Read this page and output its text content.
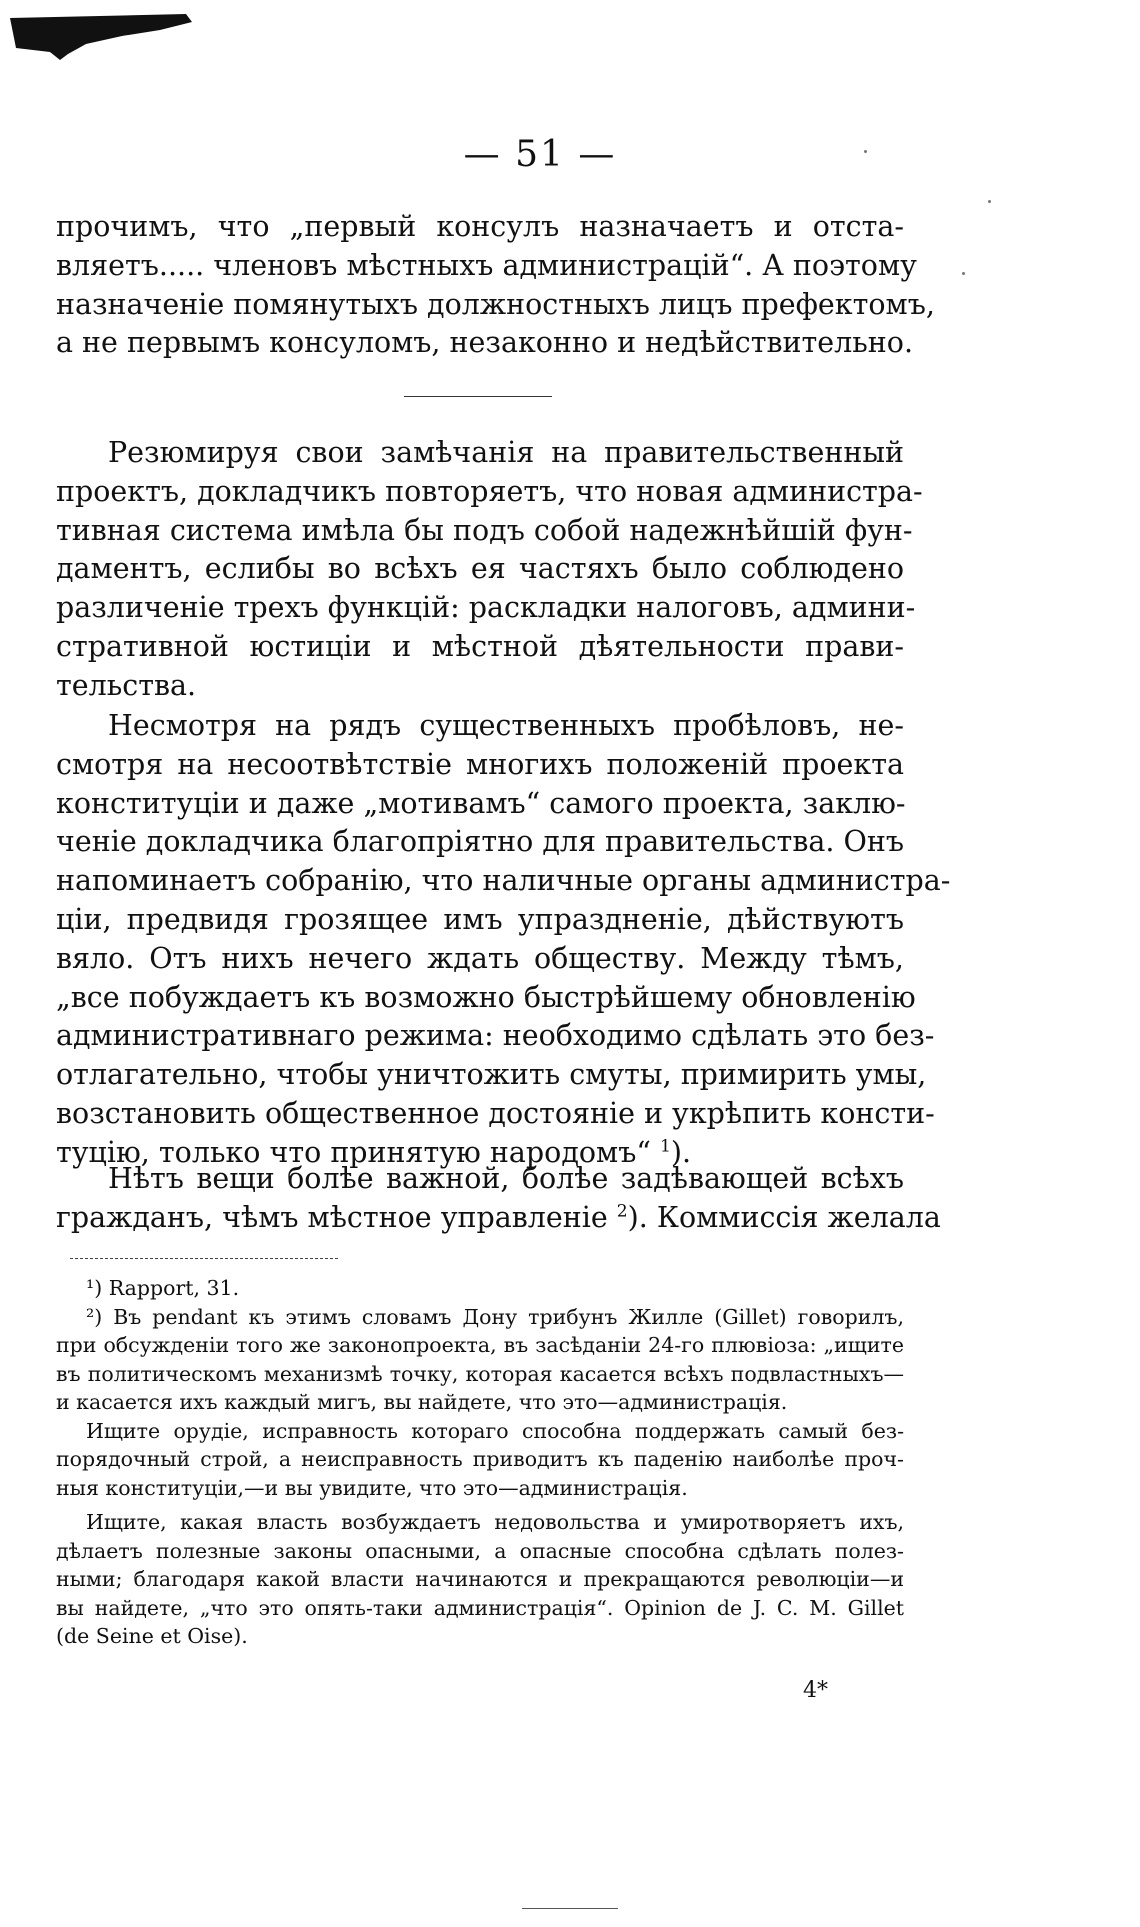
— 51 —
прочимъ, что „первый консулъ назначаетъ и отста-
вляетъ..... членовъ мѣстныхъ администрацій“. А поэтому
назначеніе помянутыхъ должностныхъ лицъ префектомъ,
а не первымъ консуломъ, незаконно и недѣйствительно.
Резюмируя свои замѣчанія на правительственный
проектъ, докладчикъ повторяетъ, что новая администра-
тивная система имѣла бы подъ собой надежнѣйшій фун-
даментъ, еслибы во всѣхъ ея частяхъ было соблюдено
различеніе трехъ функцій: раскладки налоговъ, админи-
стративной юстиціи и мѣстной дѣятельности прави-
тельства.
Несмотря на рядъ существенныхъ пробѣловъ, не-
смотря на несоотвѣтствіе многихъ положеній проекта
конституціи и даже „мотивамъ“ самого проекта, заклю-
ченіе докладчика благопріятно для правительства. Онъ
напоминаетъ собранію, что наличные органы администра-
ціи, предвидя грозящее имъ упраздненіе, дѣйствуютъ
вяло. Отъ нихъ нечего ждать обществу. Между тѣмъ,
„все побуждаетъ къ возможно быстрѣйшему обновленію
административнаго режима: необходимо сдѣлать это без-
отлагательно, чтобы уничтожить смуты, примирить умы,
возстановить общественное достояніе и укрѣпить консти-
туцію, только что принятую народомъ“ $^1$).
Нѣтъ вещи болѣе важной, болѣе задѣвающей всѣхъ
гражданъ, чѣмъ мѣстное управленіе $^2$). Коммиссія желала
¹) Rapport, 31.
²) Въ pendant къ этимъ словамъ Дону трибунъ Жилле (Gillet) говорилъ,
при обсужденіи того же законопроекта, въ засѣданіи 24-го плювіоза: „ищите
въ политическомъ механизмѣ точку, которая касается всѣхъ подвластныхъ—
и касается ихъ каждый мигъ, вы найдете, что это—администрація.
Ищите орудіе, исправность котораго способна поддержать самый без-
порядочный строй, а неисправность приводитъ къ паденію наиболѣе проч-
ныя конституціи,—и вы увидите, что это—администрація.
Ищите, какая власть возбуждаетъ недовольства и умиротворяетъ ихъ,
дѣлаетъ полезные законы опасными, а опасные способна сдѣлать полез-
ными; благодаря какой власти начинаются и прекращаются революціи—и
вы найдете, „что это опять-таки администрація“. Opinion de J. C. M. Gillet
(de Seine et Oise).
4*
